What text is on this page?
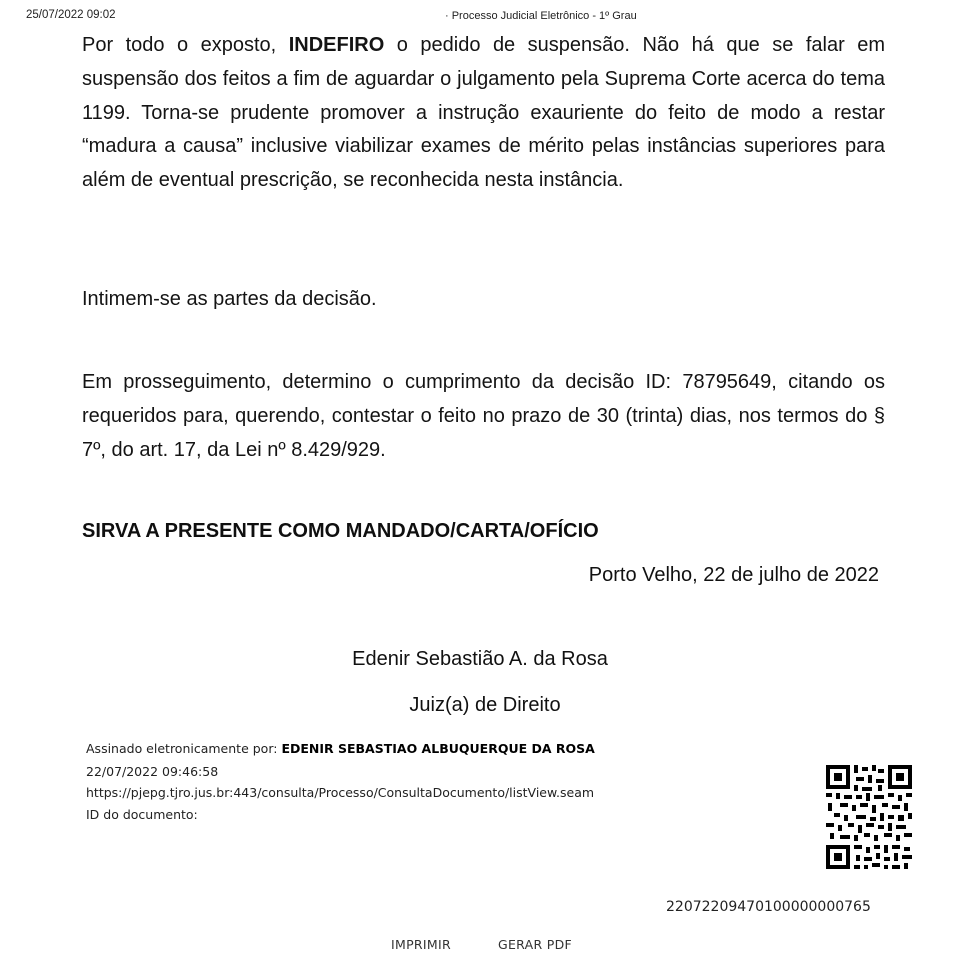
25/07/2022 09:02	· Processo Judicial Eletrônico - 1º Grau

Por todo o exposto, INDEFIRO o pedido de suspensão. Não há que se falar em suspensão dos feitos a fim de aguardar o julgamento pela Suprema Corte acerca do tema 1199. Torna-se prudente promover a instrução exauriente do feito de modo a restar “madura a causa” inclusive viabilizar exames de mérito pelas instâncias superiores para além de eventual prescrição, se reconhecida nesta instância.

Intimem-se as partes da decisão.

Em prosseguimento, determino o cumprimento da decisão ID: 78795649, citando os requeridos para, querendo, contestar o feito no prazo de 30 (trinta) dias, nos termos do § 7º, do art. 17, da Lei nº 8.429/929.

SIRVA A PRESENTE COMO MANDADO/CARTA/OFÍCIO
Porto Velho, 22 de julho de 2022
Edenir Sebastião A. da Rosa
Juiz(a) de Direito
Assinado eletronicamente por: EDENIR SEBASTIAO ALBUQUERQUE DA ROSA
22/07/2022 09:46:58
https://pjepg.tjro.jus.br:443/consulta/Processo/ConsultaDocumento/listView.seam
ID do documento:
22072209470100000000765
IMPRIMIR	GERAR PDF
